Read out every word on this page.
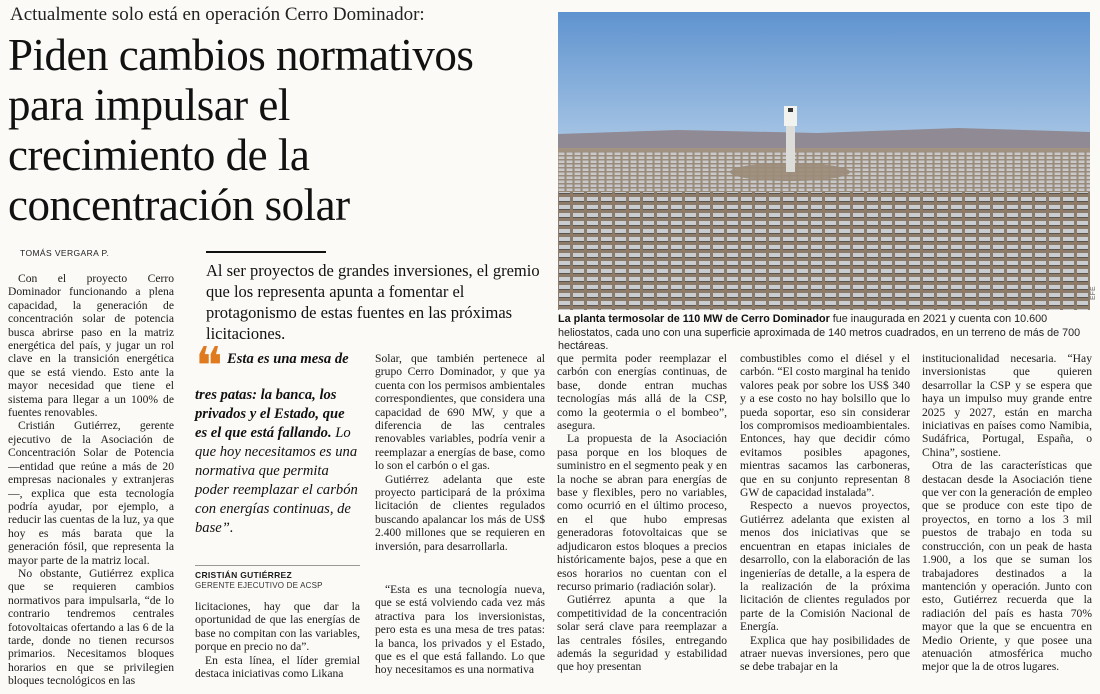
Actualmente solo está en operación Cerro Dominador:
Piden cambios normativos
para impulsar el
crecimiento de la
concentración solar
TOMÁS VERGARA P.
Al ser proyectos de grandes inversiones, el gremio que los representa apunta a fomentar el protagonismo de estas fuentes en las próximas licitaciones.
EFE
La planta termosolar de 110 MW de Cerro Dominador fue inaugurada en 2021 y cuenta con 10.600 heliostatos, cada uno con una superficie aproximada de 140 metros cuadrados, en un terreno de más de 700 hectáreas.

Con el proyecto Cerro Dominador funcionando a plena capacidad, la generación de concentración solar de potencia busca abrirse paso en la matriz energética del país, y jugar un rol clave en la transición energética que se está viendo. Esto ante la mayor necesidad que tiene el sistema para llegar a un 100% de fuentes renovables.

Cristián Gutiérrez, gerente ejecutivo de la Asociación de Concentración Solar de Potencia —entidad que reúne a más de 20 empresas nacionales y extranjeras—, explica que esta tecnología podría ayudar, por ejemplo, a reducir las cuentas de la luz, ya que hoy es más barata que la generación fósil, que representa la mayor parte de la matriz local.

No obstante, Gutiérrez explica que se requieren cambios normativos para impulsarla, “de lo contrario tendremos centrales fotovoltaicas ofertando a las 6 de la tarde, donde no tienen recursos primarios. Necesitamos bloques horarios en que se privilegien bloques tecnológicos en las

❝ Esta es una mesa de tres patas: la banca, los privados y el Estado, que es el que está fallando. Lo que hoy necesitamos es una normativa que permita poder reemplazar el carbón con energías continuas, de base”.
CRISTIÁN GUTIÉRREZ
GERENTE EJECUTIVO DE ACSP

licitaciones, hay que dar la oportunidad de que las energías de base no compitan con las variables, porque en precio no da”.

En esta línea, el líder gremial destaca iniciativas como Likana

Solar, que también pertenece al grupo Cerro Dominador, y que ya cuenta con los permisos ambientales correspondientes, que considera una capacidad de 690 MW, y que a diferencia de las centrales renovables variables, podría venir a reemplazar a energías de base, como lo son el carbón o el gas.

Gutiérrez adelanta que este proyecto participará de la próxima licitación de clientes regulados buscando apalancar los más de US$ 2.400 millones que se requieren en inversión, para desarrollarla.

“Esta es una tecnología nueva, que se está volviendo cada vez más atractiva para los inversionistas, pero esta es una mesa de tres patas: la banca, los privados y el Estado, que es el que está fallando. Lo que hoy necesitamos es una normativa

que permita poder reemplazar el carbón con energías continuas, de base, donde entran muchas tecnologías más allá de la CSP, como la geotermia o el bombeo”, asegura.

La propuesta de la Asociación pasa porque en los bloques de suministro en el segmento peak y en la noche se abran para energías de base y flexibles, pero no variables, como ocurrió en el último proceso, en el que hubo empresas generadoras fotovoltaicas que se adjudicaron estos bloques a precios históricamente bajos, pese a que en esos horarios no cuentan con el recurso primario (radiación solar).

Gutiérrez apunta a que la competitividad de la concentración solar será clave para reemplazar a las centrales fósiles, entregando además la seguridad y estabilidad que hoy presentan

combustibles como el diésel y el carbón. “El costo marginal ha tenido valores peak por sobre los US$ 340 y a ese costo no hay bolsillo que lo pueda soportar, eso sin considerar los compromisos medioambientales. Entonces, hay que decidir cómo evitamos posibles apagones, mientras sacamos las carboneras, que en su conjunto representan 8 GW de capacidad instalada”.

Respecto a nuevos proyectos, Gutiérrez adelanta que existen al menos dos iniciativas que se encuentran en etapas iniciales de desarrollo, con la elaboración de las ingenierías de detalle, a la espera de la realización de la próxima licitación de clientes regulados por parte de la Comisión Nacional de Energía.

Explica que hay posibilidades de atraer nuevas inversiones, pero que se debe trabajar en la

institucionalidad necesaria. “Hay inversionistas que quieren desarrollar la CSP y se espera que haya un impulso muy grande entre 2025 y 2027, están en marcha iniciativas en países como Namibia, Sudáfrica, Portugal, España, o China”, sostiene.

Otra de las características que destacan desde la Asociación tiene que ver con la generación de empleo que se produce con este tipo de proyectos, en torno a los 3 mil puestos de trabajo en toda su construcción, con un peak de hasta 1.900, a los que se suman los trabajadores destinados a la mantención y operación. Junto con esto, Gutiérrez recuerda que la radiación del país es hasta 70% mayor que la que se encuentra en Medio Oriente, y que posee una atenuación atmosférica mucho mejor que la de otros lugares.
